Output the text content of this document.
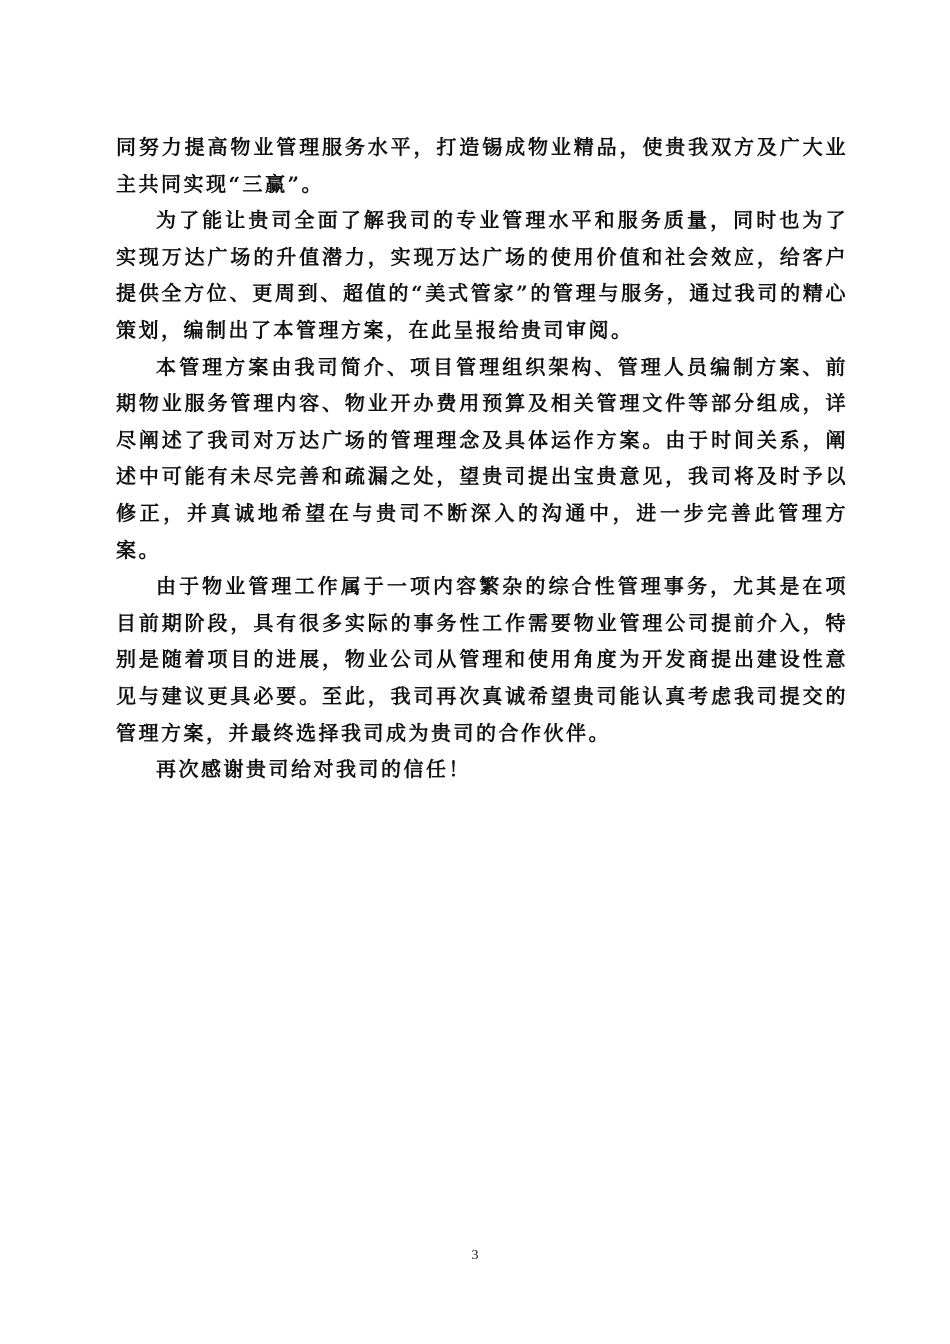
同努力提高物业管理服务水平，打造锡成物业精品，使贵我双方及广大业主共同实现“三赢”。

为了能让贵司全面了解我司的专业管理水平和服务质量，同时也为了实现万达广场的升值潜力，实现万达广场的使用价值和社会效应，给客户提供全方位、更周到、超值的“美式管家”的管理与服务，通过我司的精心策划，编制出了本管理方案，在此呈报给贵司审阅。

本管理方案由我司简介、项目管理组织架构、管理人员编制方案、前期物业服务管理内容、物业开办费用预算及相关管理文件等部分组成，详尽阐述了我司对万达广场的管理理念及具体运作方案。由于时间关系，阐述中可能有未尽完善和疏漏之处，望贵司提出宝贵意见，我司将及时予以修正，并真诚地希望在与贵司不断深入的沟通中，进一步完善此管理方案。

由于物业管理工作属于一项内容繁杂的综合性管理事务，尤其是在项目前期阶段，具有很多实际的事务性工作需要物业管理公司提前介入，特别是随着项目的进展，物业公司从管理和使用角度为开发商提出建设性意见与建议更具必要。至此，我司再次真诚希望贵司能认真考虑我司提交的管理方案，并最终选择我司成为贵司的合作伙伴。

再次感谢贵司给对我司的信任！

3
